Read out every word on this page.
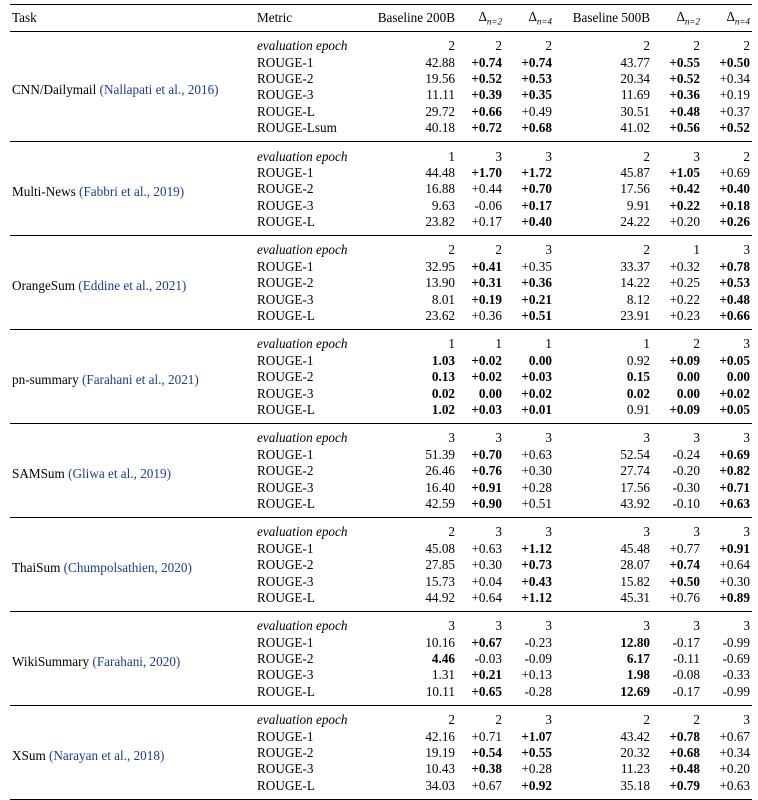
Task	Metric	Baseline 200B	$\Delta_{n=2}$	$\Delta_{n=4}$	Baseline 500B	$\Delta_{n=2}$	$\Delta_{n=4}$
CNN/Dailymail (Nallapati et al., 2016)	evaluation epoch	2	2	2	2	2	2
	ROUGE-1	42.88	+0.74	+0.74	43.77	+0.55	+0.50
	ROUGE-2	19.56	+0.52	+0.53	20.34	+0.52	+0.34
	ROUGE-3	11.11	+0.39	+0.35	11.69	+0.36	+0.19
	ROUGE-L	29.72	+0.66	+0.49	30.51	+0.48	+0.37
	ROUGE-Lsum	40.18	+0.72	+0.68	41.02	+0.56	+0.52
Multi-News (Fabbri et al., 2019)	evaluation epoch	1	3	3	2	3	2
	ROUGE-1	44.48	+1.70	+1.72	45.87	+1.05	+0.69
	ROUGE-2	16.88	+0.44	+0.70	17.56	+0.42	+0.40
	ROUGE-3	9.63	-0.06	+0.17	9.91	+0.22	+0.18
	ROUGE-L	23.82	+0.17	+0.40	24.22	+0.20	+0.26
OrangeSum (Eddine et al., 2021)	evaluation epoch	2	2	3	2	1	3
	ROUGE-1	32.95	+0.41	+0.35	33.37	+0.32	+0.78
	ROUGE-2	13.90	+0.31	+0.36	14.22	+0.25	+0.53
	ROUGE-3	8.01	+0.19	+0.21	8.12	+0.22	+0.48
	ROUGE-L	23.62	+0.36	+0.51	23.91	+0.23	+0.66
pn-summary (Farahani et al., 2021)	evaluation epoch	1	1	1	1	2	3
	ROUGE-1	1.03	+0.02	0.00	0.92	+0.09	+0.05
	ROUGE-2	0.13	+0.02	+0.03	0.15	0.00	0.00
	ROUGE-3	0.02	0.00	+0.02	0.02	0.00	+0.02
	ROUGE-L	1.02	+0.03	+0.01	0.91	+0.09	+0.05
SAMSum (Gliwa et al., 2019)	evaluation epoch	3	3	3	3	3	3
	ROUGE-1	51.39	+0.70	+0.63	52.54	-0.24	+0.69
	ROUGE-2	26.46	+0.76	+0.30	27.74	-0.20	+0.82
	ROUGE-3	16.40	+0.91	+0.28	17.56	-0.30	+0.71
	ROUGE-L	42.59	+0.90	+0.51	43.92	-0.10	+0.63
ThaiSum (Chumpolsathien, 2020)	evaluation epoch	2	3	3	3	3	3
	ROUGE-1	45.08	+0.63	+1.12	45.48	+0.77	+0.91
	ROUGE-2	27.85	+0.30	+0.73	28.07	+0.74	+0.64
	ROUGE-3	15.73	+0.04	+0.43	15.82	+0.50	+0.30
	ROUGE-L	44.92	+0.64	+1.12	45.31	+0.76	+0.89
WikiSummary (Farahani, 2020)	evaluation epoch	3	3	3	3	3	3
	ROUGE-1	10.16	+0.67	-0.23	12.80	-0.17	-0.99
	ROUGE-2	4.46	-0.03	-0.09	6.17	-0.11	-0.69
	ROUGE-3	1.31	+0.21	+0.13	1.98	-0.08	-0.33
	ROUGE-L	10.11	+0.65	-0.28	12.69	-0.17	-0.99
XSum (Narayan et al., 2018)	evaluation epoch	2	2	3	2	2	3
	ROUGE-1	42.16	+0.71	+1.07	43.42	+0.78	+0.67
	ROUGE-2	19.19	+0.54	+0.55	20.32	+0.68	+0.34
	ROUGE-3	10.43	+0.38	+0.28	11.23	+0.48	+0.20
	ROUGE-L	34.03	+0.67	+0.92	35.18	+0.79	+0.63
